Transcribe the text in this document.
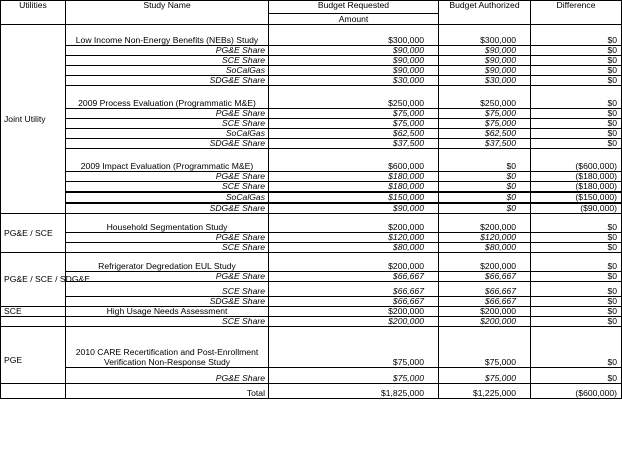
Utilities	Study Name	Budget Requested	Budget Authorized	Difference
		Amount		
Joint Utility	Low Income Non-Energy Benefits (NEBs) Study	$300,000	$300,000	$0
	PG&E Share	$90,000	$90,000	$0
	SCE Share	$90,000	$90,000	$0
	SoCalGas	$90,000	$90,000	$0
	SDG&E Share	$30,000	$30,000	$0
	2009 Process Evaluation (Programmatic M&E)	$250,000	$250,000	$0
	PG&E Share	$75,000	$75,000	$0
	SCE Share	$75,000	$75,000	$0
	SoCalGas	$62,500	$62,500	$0
	SDG&E Share	$37,500	$37,500	$0
	2009 Impact Evaluation (Programmatic M&E)	$600,000	$0	($600,000)
	PG&E Share	$180,000	$0	($180,000)
	SCE Share	$180,000	$0	($180,000)
	SoCalGas	$150,000	$0	($150,000)
	SDG&E Share	$90,000	$0	($90,000)
PG&E / SCE	Household Segmentation Study	$200,000	$200,000	$0
	PG&E Share	$120,000	$120,000	$0
	SCE Share	$80,000	$80,000	$0
PG&E / SCE / SDG&E	Refrigerator Degredation EUL Study	$200,000	$200,000	$0
	PG&E Share	$66,667	$66,667	$0
	SCE Share	$66,667	$66,667	$0
	SDG&E Share	$66,667	$66,667	$0
SCE	High Usage Needs Assessment	$200,000	$200,000	$0
	SCE Share	$200,000	$200,000	$0
PGE	2010 CARE Recertification and Post-Enrollment Verification Non-Response Study	$75,000	$75,000	$0
	PG&E Share	$75,000	$75,000	$0
	Total	$1,825,000	$1,225,000	($600,000)
